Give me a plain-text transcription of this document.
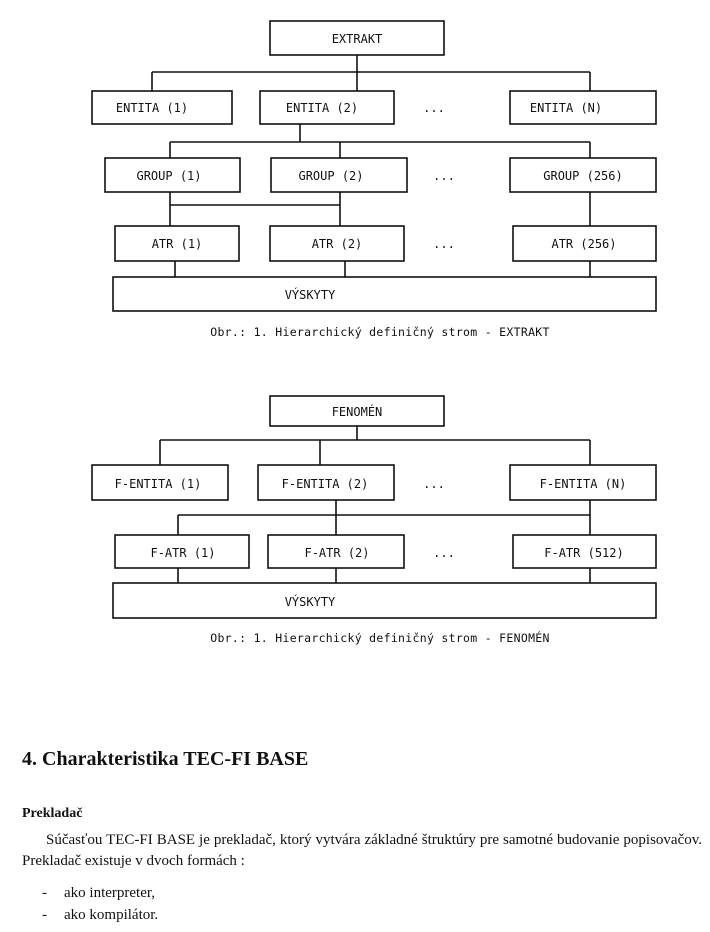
EXTRAKT
ENTITA (1)	ENTITA (2)	...	ENTITA (N)
GROUP (1)	GROUP (2)	...	GROUP (256)
ATR (1)	ATR (2)	...	ATR (256)
VÝSKYTY
Obr.: 1. Hierarchický definičný strom - EXTRAKT
FENOMÉN
F-ENTITA (1)	F-ENTITA (2)	...	F-ENTITA (N)
F-ATR (1)	F-ATR (2)	...	F-ATR (512)
VÝSKYTY
Obr.: 1. Hierarchický definičný strom - FENOMÉN
4. Charakteristika TEC-FI BASE
Prekladač
Súčasťou TEC-FI BASE je prekladač, ktorý vytvára základné štruktúry pre samotné budovanie popisovačov. Prekladač existuje v dvoch formách :
- ako interpreter,
- ako kompilátor.
